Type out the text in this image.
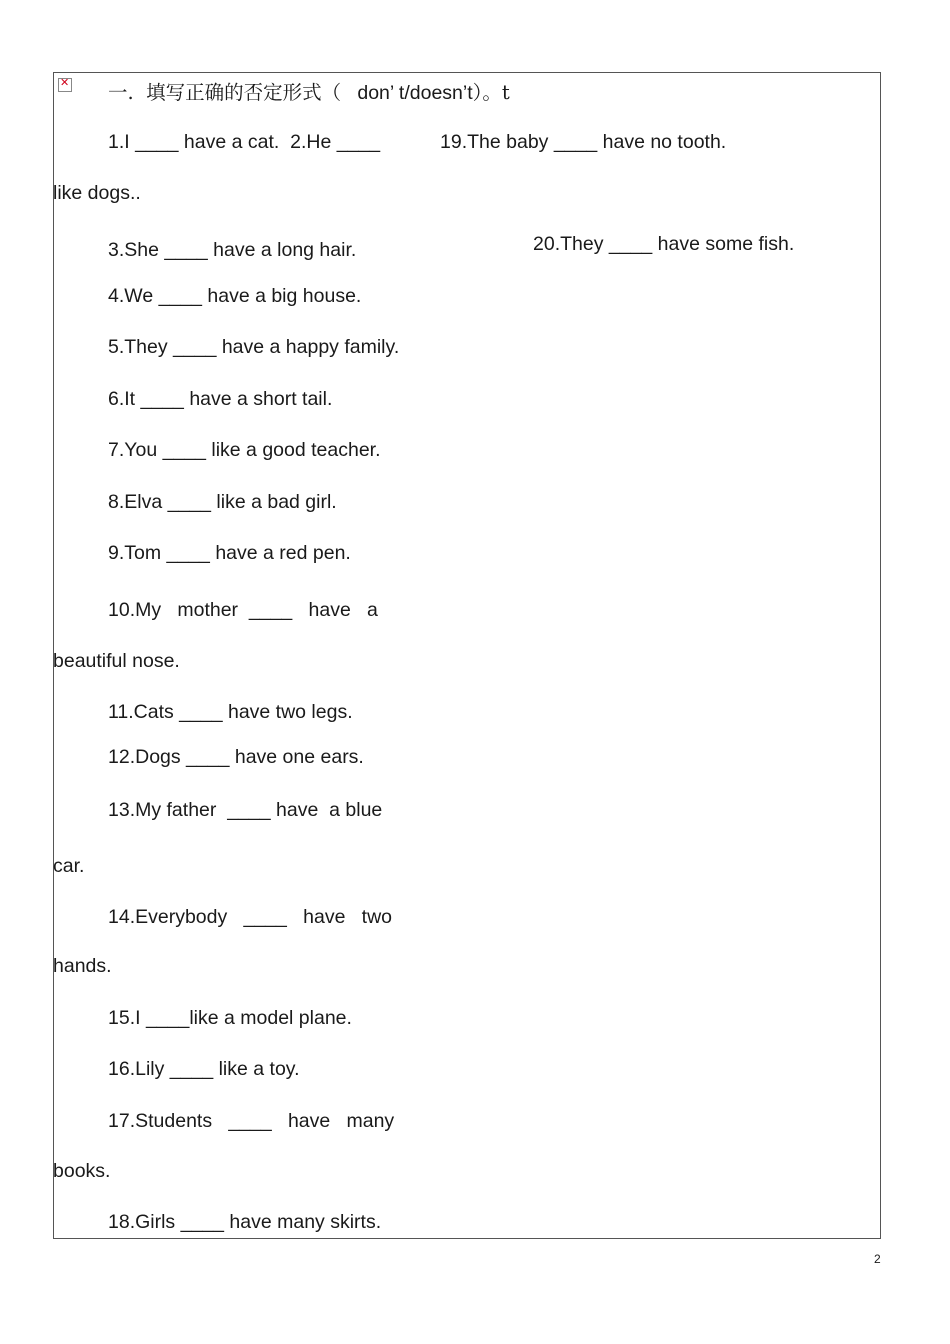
✕
一.  填写正确的否定形式（   don’ t/doesn’t）。t
1.I ____ have a cat.  2.He ____
like dogs..
3.She ____ have a long hair.
4.We ____ have a big house.
5.They ____ have a happy family.
6.It ____ have a short tail.
7.You ____ like a good teacher.
8.Elva ____ like a bad girl.
9.Tom ____ have a red pen.
10.My   mother  ____   have   a
beautiful nose.
11.Cats ____ have two legs.
12.Dogs ____ have one ears.
13.My father  ____ have  a blue
car.
14.Everybody   ____   have   two
hands.
15.I ____like a model plane.
16.Lily ____ like a toy.
17.Students   ____   have   many
books.
18.Girls ____ have many skirts.
19.The baby ____ have no tooth.
20.They ____ have some fish.
2
